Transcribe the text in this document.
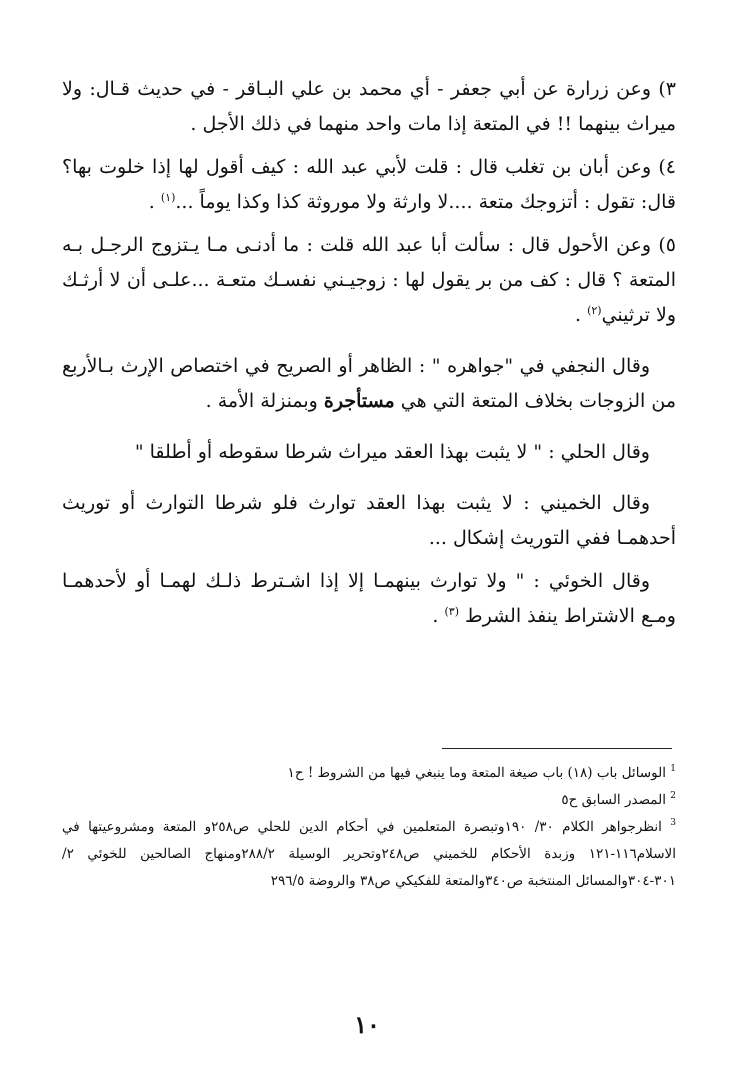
٣) وعن زرارة عن أبي جعفر - أي محمد بن علي البـاقر - في حديث قـال: ولا ميراث بينهما !! في المتعة إذا مات واحد منهما في ذلك الأجل .

٤) وعن أبان بن تغلب قال : قلت لأبي عبد الله : كيف أقول لها إذا خلوت بها؟ قال: تقول : أتزوجك متعة ....لا وارثة ولا موروثة كذا وكذا يوماً ...$^{(١)}$ .

٥) وعن الأحول قال : سألت أبا عبد الله قلت : ما أدنـى مـا يـتزوج الرجـل بـه المتعة ؟ قال : كف من بر يقول لها : زوجيـني نفسـك متعـة ...علـى أن لا أرثـك ولا ترثيني$^{(٢)}$ .

وقال النجفي في "جواهره " : الظاهر أو الصريح في اختصاص الإرث بـالأربع من الزوجات بخلاف المتعة التي هي مستأجرة وبمنزلة الأمة .

وقال الحلي : " لا يثبت بهذا العقد ميراث شرطا سقوطه أو أطلقا "

وقال الخميني : لا يثبت بهذا العقد توارث فلو شرطا التوارث أو توريث أحدهمـا ففي التوريث إشكال ...

وقال الخوئي : " ولا توارث بينهمـا إلا إذا اشـترط ذلـك لهمـا أو لأحدهمـا ومـع الاشتراط ينفذ الشرط $^{(٣)}$ .

$^1$ الوسائل باب (١٨) باب صيغة المتعة وما ينبغي فيها من الشروط ! ح١

$^2$ المصدر السابق ح٥

$^3$ انظرجواهر الكلام ٣٠/ ١٩٠وتبصرة المتعلمين في أحكام الدين للحلي ص٢٥٨و المتعة ومشروعيتها في الاسلام١١٦-١٢١ وزبدة الأحكام للخميني ص٢٤٨وتحرير الوسيلة ٢٨٨/٢ومنهاج الصالحين للخوئي ٢/ ٣٠١-٣٠٤والمسائل المنتخبة ص٣٤٠والمتعة للفكيكي ص٣٨ والروضة ٢٩٦/٥

١٠
